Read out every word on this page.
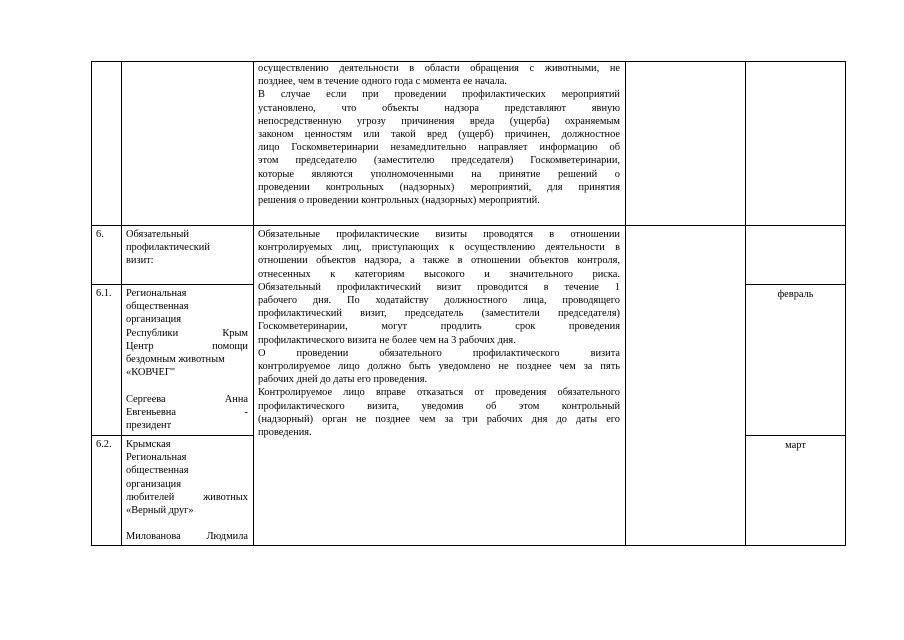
осуществлению деятельности в области обращения с животными, не
позднее, чем в течение одного года с момента ее начала.
В случае если при проведении профилактических мероприятий
установлено, что объекты надзора представляют явную
непосредственную угрозу причинения вреда (ущерба) охраняемым
законом ценностям или такой вред (ущерб) причинен, должностное
лицо Госкомветеринарии незамедлительно направляет информацию об
этом председателю (заместителю председателя) Госкомветеринарии,
которые являются уполномоченными на принятие решений о
проведении контрольных (надзорных) мероприятий, для принятия
решения о проведении контрольных (надзорных) мероприятий.
6. Обязательный
профилактический
визит:
Обязательные профилактические визиты проводятся в отношении
контролируемых лиц, приступающих к осуществлению деятельности в
отношении объектов надзора, а также в отношении объектов контроля,
отнесенных к категориям высокого и значительного риска.
Обязательный профилактический визит проводится в течение 1
рабочего дня. По ходатайству должностного лица, проводящего
профилактический визит, председатель (заместители председателя)
Госкомветеринарии, могут продлить срок проведения
профилактического визита не более чем на 3 рабочих дня.
О проведении обязательного профилактического визита
контролируемое лицо должно быть уведомлено не позднее чем за пять
рабочих дней до даты его проведения.
Контролируемое лицо вправе отказаться от проведения обязательного
профилактического визита, уведомив об этом контрольный
(надзорный) орган не позднее чем за три рабочих дня до даты его
проведения.
6.1. Региональная
общественная
организация
Республики Крым
Центр помощи
бездомным животным
«КОВЧЕГ"

Сергеева Анна
Евгеньевна -
президент
февраль
6.2. Крымская
Региональная
общественная
организация
любителей животных
«Верный друг»

Милованова Людмила
март
